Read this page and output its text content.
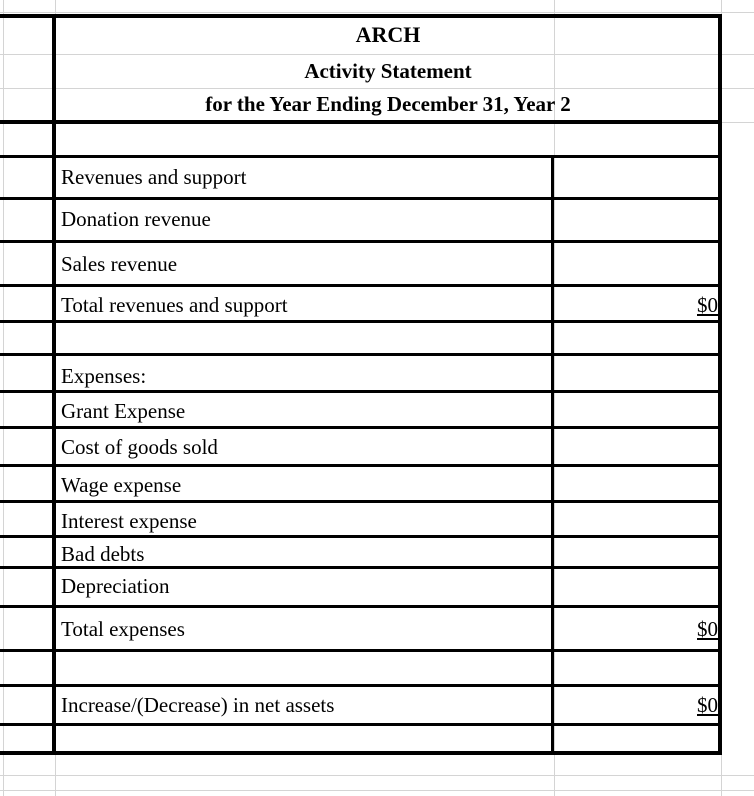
ARCH
Activity Statement
for the Year Ending December 31, Year 2
Revenues and support
Donation revenue
Sales revenue
Total revenues and support	$0
Expenses:
Grant Expense
Cost of goods sold
Wage expense
Interest expense
Bad debts
Depreciation
Total expenses	$0
Increase/(Decrease) in net assets	$0
